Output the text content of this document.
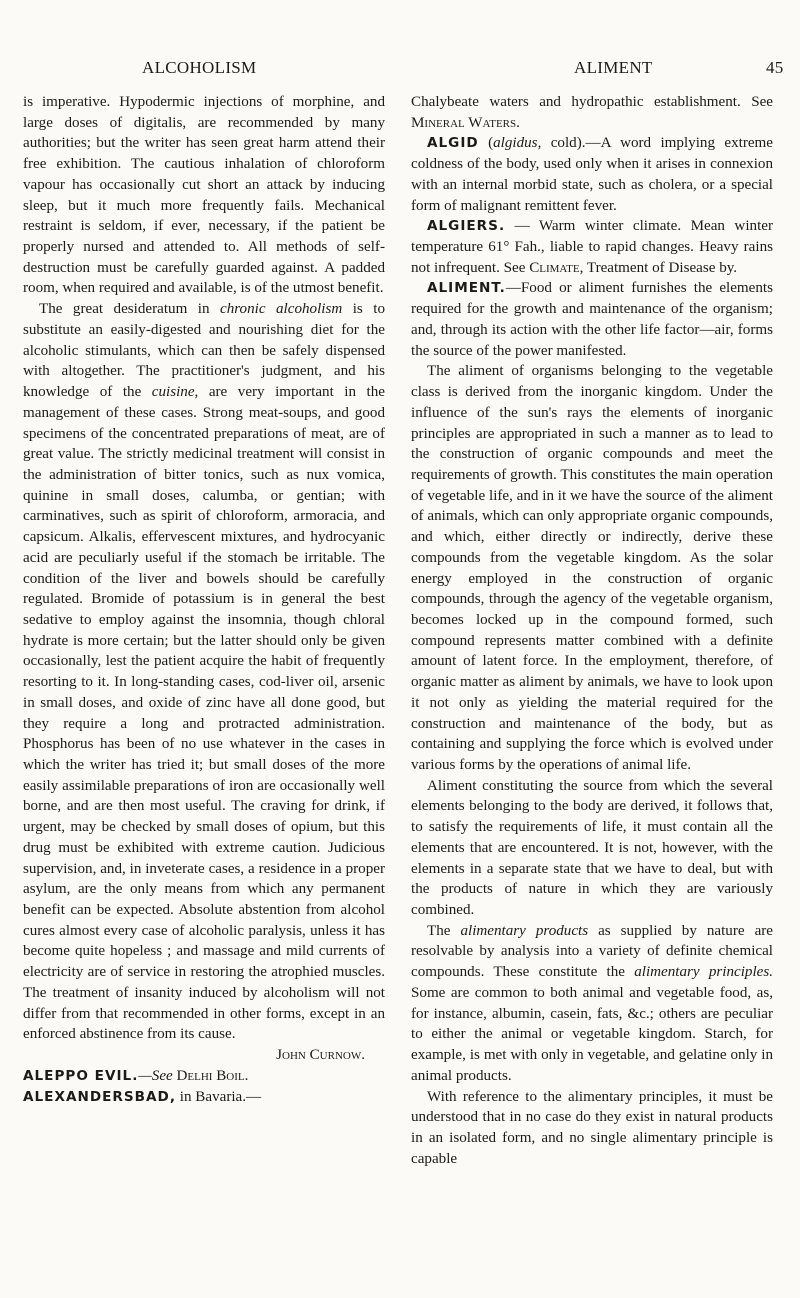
ALCOHOLISM	ALIMENT	45

is imperative. Hypodermic injections of morphine, and large doses of digitalis, are recommended by many authorities; but the writer has seen great harm attend their free exhibition. The cautious inhalation of chloroform vapour has occasionally cut short an attack by inducing sleep, but it much more frequently fails. Mechanical restraint is seldom, if ever, necessary, if the patient be properly nursed and attended to. All methods of self-destruction must be carefully guarded against. A padded room, when required and available, is of the utmost benefit.

The great desideratum in chronic alcoholism is to substitute an easily-digested and nourishing diet for the alcoholic stimulants, which can then be safely dispensed with altogether. The practitioner's judgment, and his knowledge of the cuisine, are very important in the management of these cases. Strong meat-soups, and good specimens of the concentrated preparations of meat, are of great value. The strictly medicinal treatment will consist in the administration of bitter tonics, such as nux vomica, quinine in small doses, calumba, or gentian; with carminatives, such as spirit of chloroform, armoracia, and capsicum. Alkalis, effervescent mixtures, and hydrocyanic acid are peculiarly useful if the stomach be irritable. The condition of the liver and bowels should be carefully regulated. Bromide of potassium is in general the best sedative to employ against the insomnia, though chloral hydrate is more certain; but the latter should only be given occasionally, lest the patient acquire the habit of frequently resorting to it. In long-standing cases, cod-liver oil, arsenic in small doses, and oxide of zinc have all done good, but they require a long and protracted administration. Phosphorus has been of no use whatever in the cases in which the writer has tried it; but small doses of the more easily assimilable preparations of iron are occasionally well borne, and are then most useful. The craving for drink, if urgent, may be checked by small doses of opium, but this drug must be exhibited with extreme caution. Judicious supervision, and, in inveterate cases, a residence in a proper asylum, are the only means from which any permanent benefit can be expected. Absolute abstention from alcohol cures almost every case of alcoholic paralysis, unless it has become quite hopeless ; and massage and mild currents of electricity are of service in restoring the atrophied muscles. The treatment of insanity induced by alcoholism will not differ from that recommended in other forms, except in an enforced abstinence from its cause.

John Curnow.

ALEPPO EVIL.—See Delhi Boil.

ALEXANDERSBAD, in Bavaria.—

Chalybeate waters and hydropathic establishment. See Mineral Waters.

ALGID (algidus, cold).—A word implying extreme coldness of the body, used only when it arises in connexion with an internal morbid state, such as cholera, or a special form of malignant remittent fever.

ALGIERS. — Warm winter climate. Mean winter temperature 61° Fah., liable to rapid changes. Heavy rains not infrequent. See Climate, Treatment of Disease by.

ALIMENT.—Food or aliment furnishes the elements required for the growth and maintenance of the organism; and, through its action with the other life factor—air, forms the source of the power manifested.

The aliment of organisms belonging to the vegetable class is derived from the inorganic kingdom. Under the influence of the sun's rays the elements of inorganic principles are appropriated in such a manner as to lead to the construction of organic compounds and meet the requirements of growth. This constitutes the main operation of vegetable life, and in it we have the source of the aliment of animals, which can only appropriate organic compounds, and which, either directly or indirectly, derive these compounds from the vegetable kingdom. As the solar energy employed in the construction of organic compounds, through the agency of the vegetable organism, becomes locked up in the compound formed, such compound represents matter combined with a definite amount of latent force. In the employment, therefore, of organic matter as aliment by animals, we have to look upon it not only as yielding the material required for the construction and maintenance of the body, but as containing and supplying the force which is evolved under various forms by the operations of animal life.

Aliment constituting the source from which the several elements belonging to the body are derived, it follows that, to satisfy the requirements of life, it must contain all the elements that are encountered. It is not, however, with the elements in a separate state that we have to deal, but with the products of nature in which they are variously combined.

The alimentary products as supplied by nature are resolvable by analysis into a variety of definite chemical compounds. These constitute the alimentary principles. Some are common to both animal and vegetable food, as, for instance, albumin, casein, fats, &c.; others are peculiar to either the animal or vegetable kingdom. Starch, for example, is met with only in vegetable, and gelatine only in animal products.

With reference to the alimentary principles, it must be understood that in no case do they exist in natural products in an isolated form, and no single alimentary principle is capable
